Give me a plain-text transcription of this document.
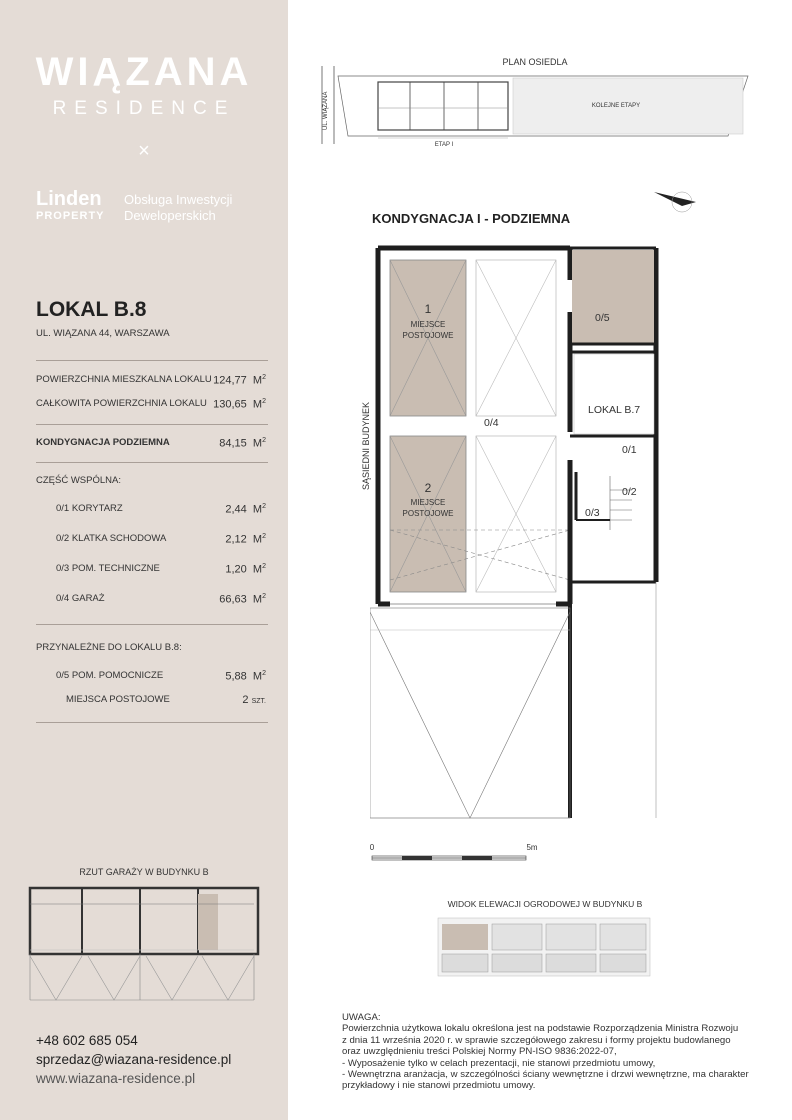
WIĄZANA
RESIDENCE
×
Linden
PROPERTY
Obsługa Inwestycji
Deweloperskich
LOKAL B.8
UL. WIĄZANA 44, WARSZAWA
POWIERZCHNIA MIESZKALNA LOKALU 124,77 $M^2$
CAŁKOWITA POWIERZCHNIA LOKALU 130,65 $M^2$
KONDYGNACJA PODZIEMNA	84,15 $M^2$
CZĘŚĆ WSPÓLNA:
0/1 KORYTARZ	2,44 $M^2$
0/2 KLATKA SCHODOWA	2,12 $M^2$
0/3 POM. TECHNICZNE	1,20 $M^2$
0/4 GARAŻ	66,63 $M^2$
PRZYNALEŻNE DO LOKALU B.8:
0/5 POM. POMOCNICZE	5,88 $M^2$
MIEJSCA POSTOJOWE	2 SZT.
RZUT GARAŻY W BUDYNKU B
+48 602 685 054
sprzedaz@wiazana-residence.pl
www.wiazana-residence.pl
PLAN OSIEDLA
UL. WIĄZANA	KOLEJNE ETAPY
ETAP I
KONDYGNACJA I - PODZIEMNA
SĄSIEDNI BUDYNEK
1
MIEJSCE
POSTOJOWE
2
MIEJSCE
POSTOJOWE
0/4
0/5
LOKAL B.7
0/1
0/2
0/3
0	5m
WIDOK ELEWACJI OGRODOWEJ W BUDYNKU B
UWAGA:
Powierzchnia użytkowa lokalu określona jest na podstawie Rozporządzenia Ministra Rozwoju
z dnia 11 września 2020 r. w sprawie szczegółowego zakresu i formy projektu budowlanego
oraz uwzględnieniu treści Polskiej Normy PN-ISO 9836:2022-07,
- Wyposażenie tylko w celach prezentacji, nie stanowi przedmiotu umowy,
- Wewnętrzna aranżacja, w szczególności ściany wewnętrzne i drzwi wewnętrzne, ma charakter
przykładowy i nie stanowi przedmiotu umowy.
